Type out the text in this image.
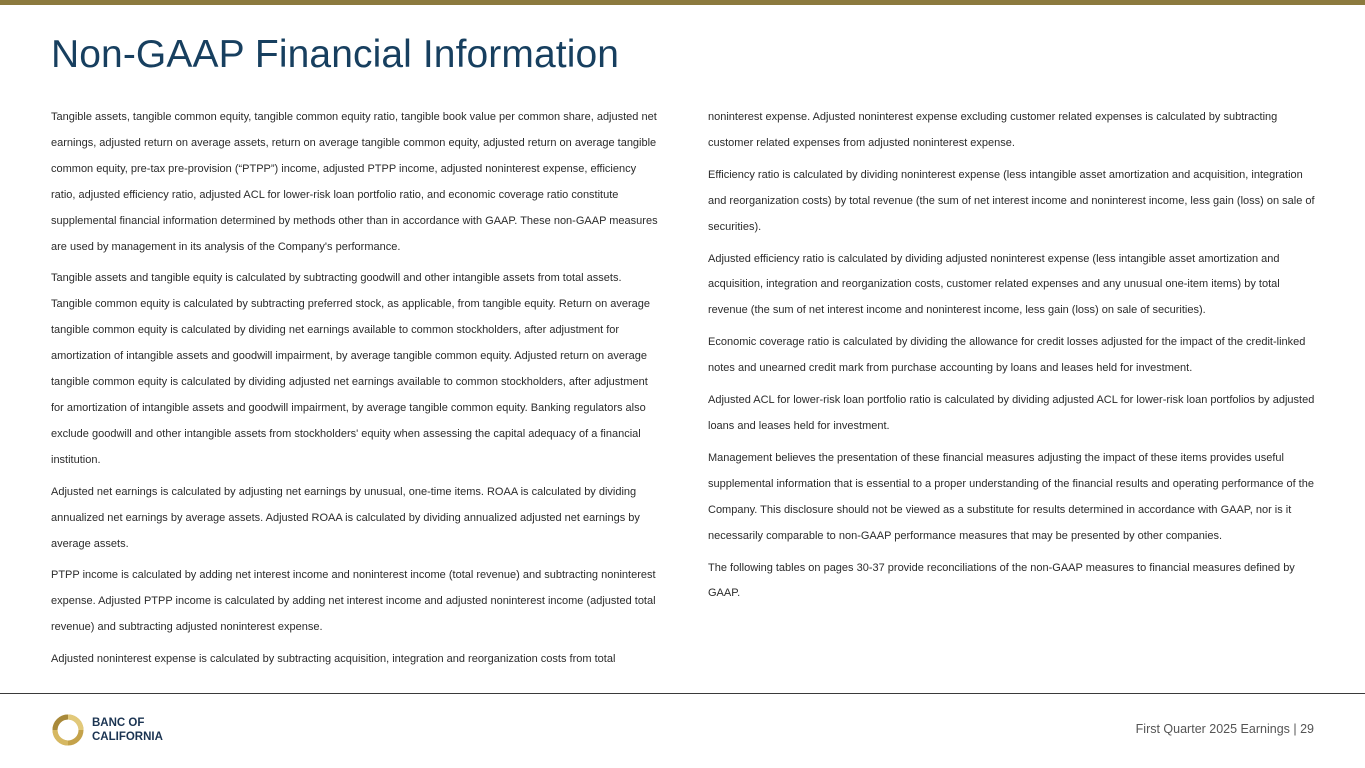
Non-GAAP Financial Information

Tangible assets, tangible common equity, tangible common equity ratio, tangible book value per common share, adjusted net earnings, adjusted return on average assets, return on average tangible common equity, adjusted return on average tangible common equity, pre-tax pre-provision (“PTPP”) income, adjusted PTPP income, adjusted noninterest expense, efficiency ratio, adjusted efficiency ratio, adjusted ACL for lower-risk loan portfolio ratio, and economic coverage ratio constitute supplemental financial information determined by methods other than in accordance with GAAP. These non-GAAP measures are used by management in its analysis of the Company's performance.

Tangible assets and tangible equity is calculated by subtracting goodwill and other intangible assets from total assets. Tangible common equity is calculated by subtracting preferred stock, as applicable, from tangible equity. Return on average tangible common equity is calculated by dividing net earnings available to common stockholders, after adjustment for amortization of intangible assets and goodwill impairment, by average tangible common equity. Adjusted return on average tangible common equity is calculated by dividing adjusted net earnings available to common stockholders, after adjustment for amortization of intangible assets and goodwill impairment, by average tangible common equity. Banking regulators also exclude goodwill and other intangible assets from stockholders' equity when assessing the capital adequacy of a financial institution.

Adjusted net earnings is calculated by adjusting net earnings by unusual, one-time items. ROAA is calculated by dividing annualized net earnings by average assets. Adjusted ROAA is calculated by dividing annualized adjusted net earnings by average assets.

PTPP income is calculated by adding net interest income and noninterest income (total revenue) and subtracting noninterest expense. Adjusted PTPP income is calculated by adding net interest income and adjusted noninterest income (adjusted total revenue) and subtracting adjusted noninterest expense.

Adjusted noninterest expense is calculated by subtracting acquisition, integration and reorganization costs from total

noninterest expense. Adjusted noninterest expense excluding customer related expenses is calculated by subtracting customer related expenses from adjusted noninterest expense.

Efficiency ratio is calculated by dividing noninterest expense (less intangible asset amortization and acquisition, integration and reorganization costs) by total revenue (the sum of net interest income and noninterest income, less gain (loss) on sale of securities).

Adjusted efficiency ratio is calculated by dividing adjusted noninterest expense (less intangible asset amortization and acquisition, integration and reorganization costs, customer related expenses and any unusual one-item items) by total revenue (the sum of net interest income and noninterest income, less gain (loss) on sale of securities).

Economic coverage ratio is calculated by dividing the allowance for credit losses adjusted for the impact of the credit-linked notes and unearned credit mark from purchase accounting by loans and leases held for investment.

Adjusted ACL for lower-risk loan portfolio ratio is calculated by dividing adjusted ACL for lower-risk loan portfolios by adjusted loans and leases held for investment.

Management believes the presentation of these financial measures adjusting the impact of these items provides useful supplemental information that is essential to a proper understanding of the financial results and operating performance of the Company. This disclosure should not be viewed as a substitute for results determined in accordance with GAAP, nor is it necessarily comparable to non-GAAP performance measures that may be presented by other companies.

The following tables on pages 30-37 provide reconciliations of the non-GAAP measures to financial measures defined by GAAP.

BANC OF
CALIFORNIA
First Quarter 2025 Earnings | 29
